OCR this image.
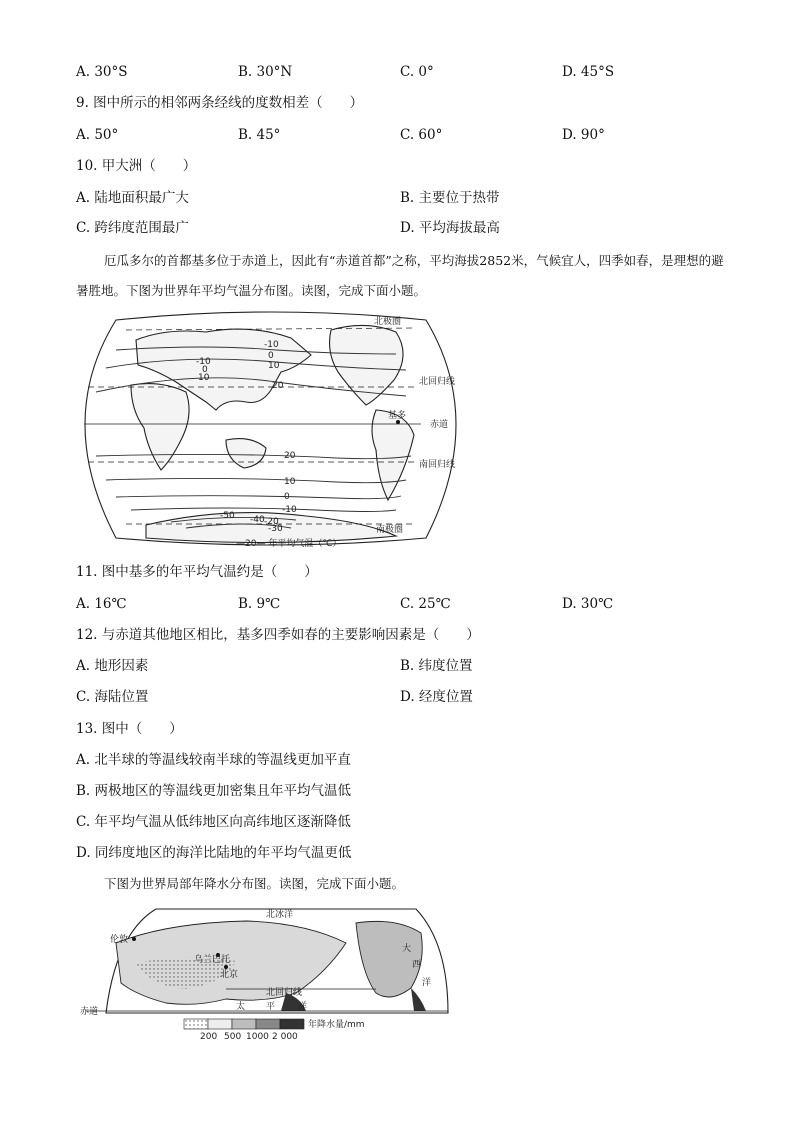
A. 30°S	B. 30°N	C. 0°	D. 45°S
9. 图中所示的相邻两条经线的度数相差（　　）
A. 50°	B. 45°	C. 60°	D. 90°
10. 甲大洲（　　）
A. 陆地面积最广大	B. 主要位于热带
C. 跨纬度范围最广	D. 平均海拔最高
厄瓜多尔的首都基多位于赤道上，因此有“赤道首都”之称，平均海拔2852米，气候宜人，四季如春，是理想的避暑胜地。下图为世界年平均气温分布图。读图，完成下面小题。
-10
0
10
-10
0
10
20
20
10
0
-10
-50 -40 -20
-30
北极圈
北回归线
赤道
基多
南回归线
南极圈
—20— 年平均气温（℃）
11. 图中基多的年平均气温约是（　　）
A. 16℃	B. 9℃	C. 25℃	D. 30℃
12. 与赤道其他地区相比，基多四季如春的主要影响因素是（　　）
A. 地形因素	B. 纬度位置
C. 海陆位置	D. 经度位置
13. 图中（　　）
A. 北半球的等温线较南半球的等温线更加平直
B. 两极地区的等温线更加密集且年平均气温低
C. 年平均气温从低纬地区向高纬地区逐渐降低
D. 同纬度地区的海洋比陆地的年平均气温更低
下图为世界局部年降水分布图。读图，完成下面小题。
北冰洋
伦敦
乌兰巴托
北京
北回归线
太 平	洋
大
西
洋
赤道
200 500 1000 2 000
年降水量/mm
